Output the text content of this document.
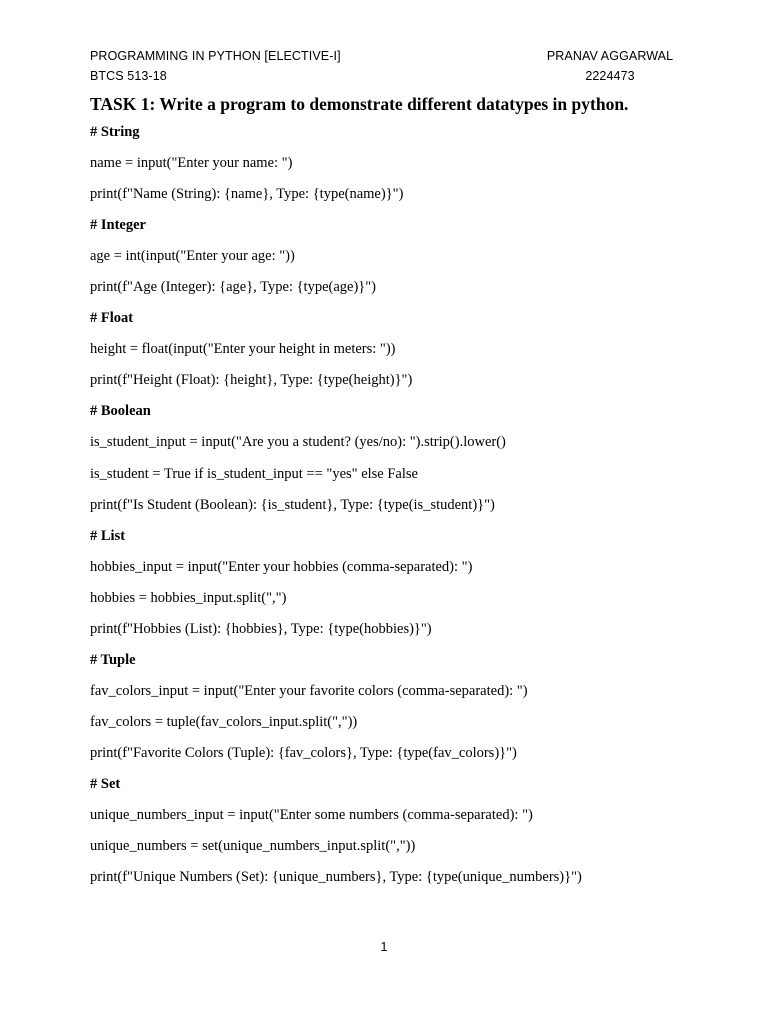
PROGRAMMING IN PYTHON [ELECTIVE-I]	PRANAV AGGARWAL
BTCS 513-18	2224473
TASK 1: Write a program to demonstrate different datatypes in python.
# String
name = input("Enter your name: ")
print(f"Name (String): {name}, Type: {type(name)}")
# Integer
age = int(input("Enter your age: "))
print(f"Age (Integer): {age}, Type: {type(age)}")
# Float
height = float(input("Enter your height in meters: "))
print(f"Height (Float): {height}, Type: {type(height)}")
# Boolean
is_student_input = input("Are you a student? (yes/no): ").strip().lower()
is_student = True if is_student_input == "yes" else False
print(f"Is Student (Boolean): {is_student}, Type: {type(is_student)}")
# List
hobbies_input = input("Enter your hobbies (comma-separated): ")
hobbies = hobbies_input.split(",")
print(f"Hobbies (List): {hobbies}, Type: {type(hobbies)}")
# Tuple
fav_colors_input = input("Enter your favorite colors (comma-separated): ")
fav_colors = tuple(fav_colors_input.split(","))
print(f"Favorite Colors (Tuple): {fav_colors}, Type: {type(fav_colors)}")
# Set
unique_numbers_input = input("Enter some numbers (comma-separated): ")
unique_numbers = set(unique_numbers_input.split(","))
print(f"Unique Numbers (Set): {unique_numbers}, Type: {type(unique_numbers)}")
1
